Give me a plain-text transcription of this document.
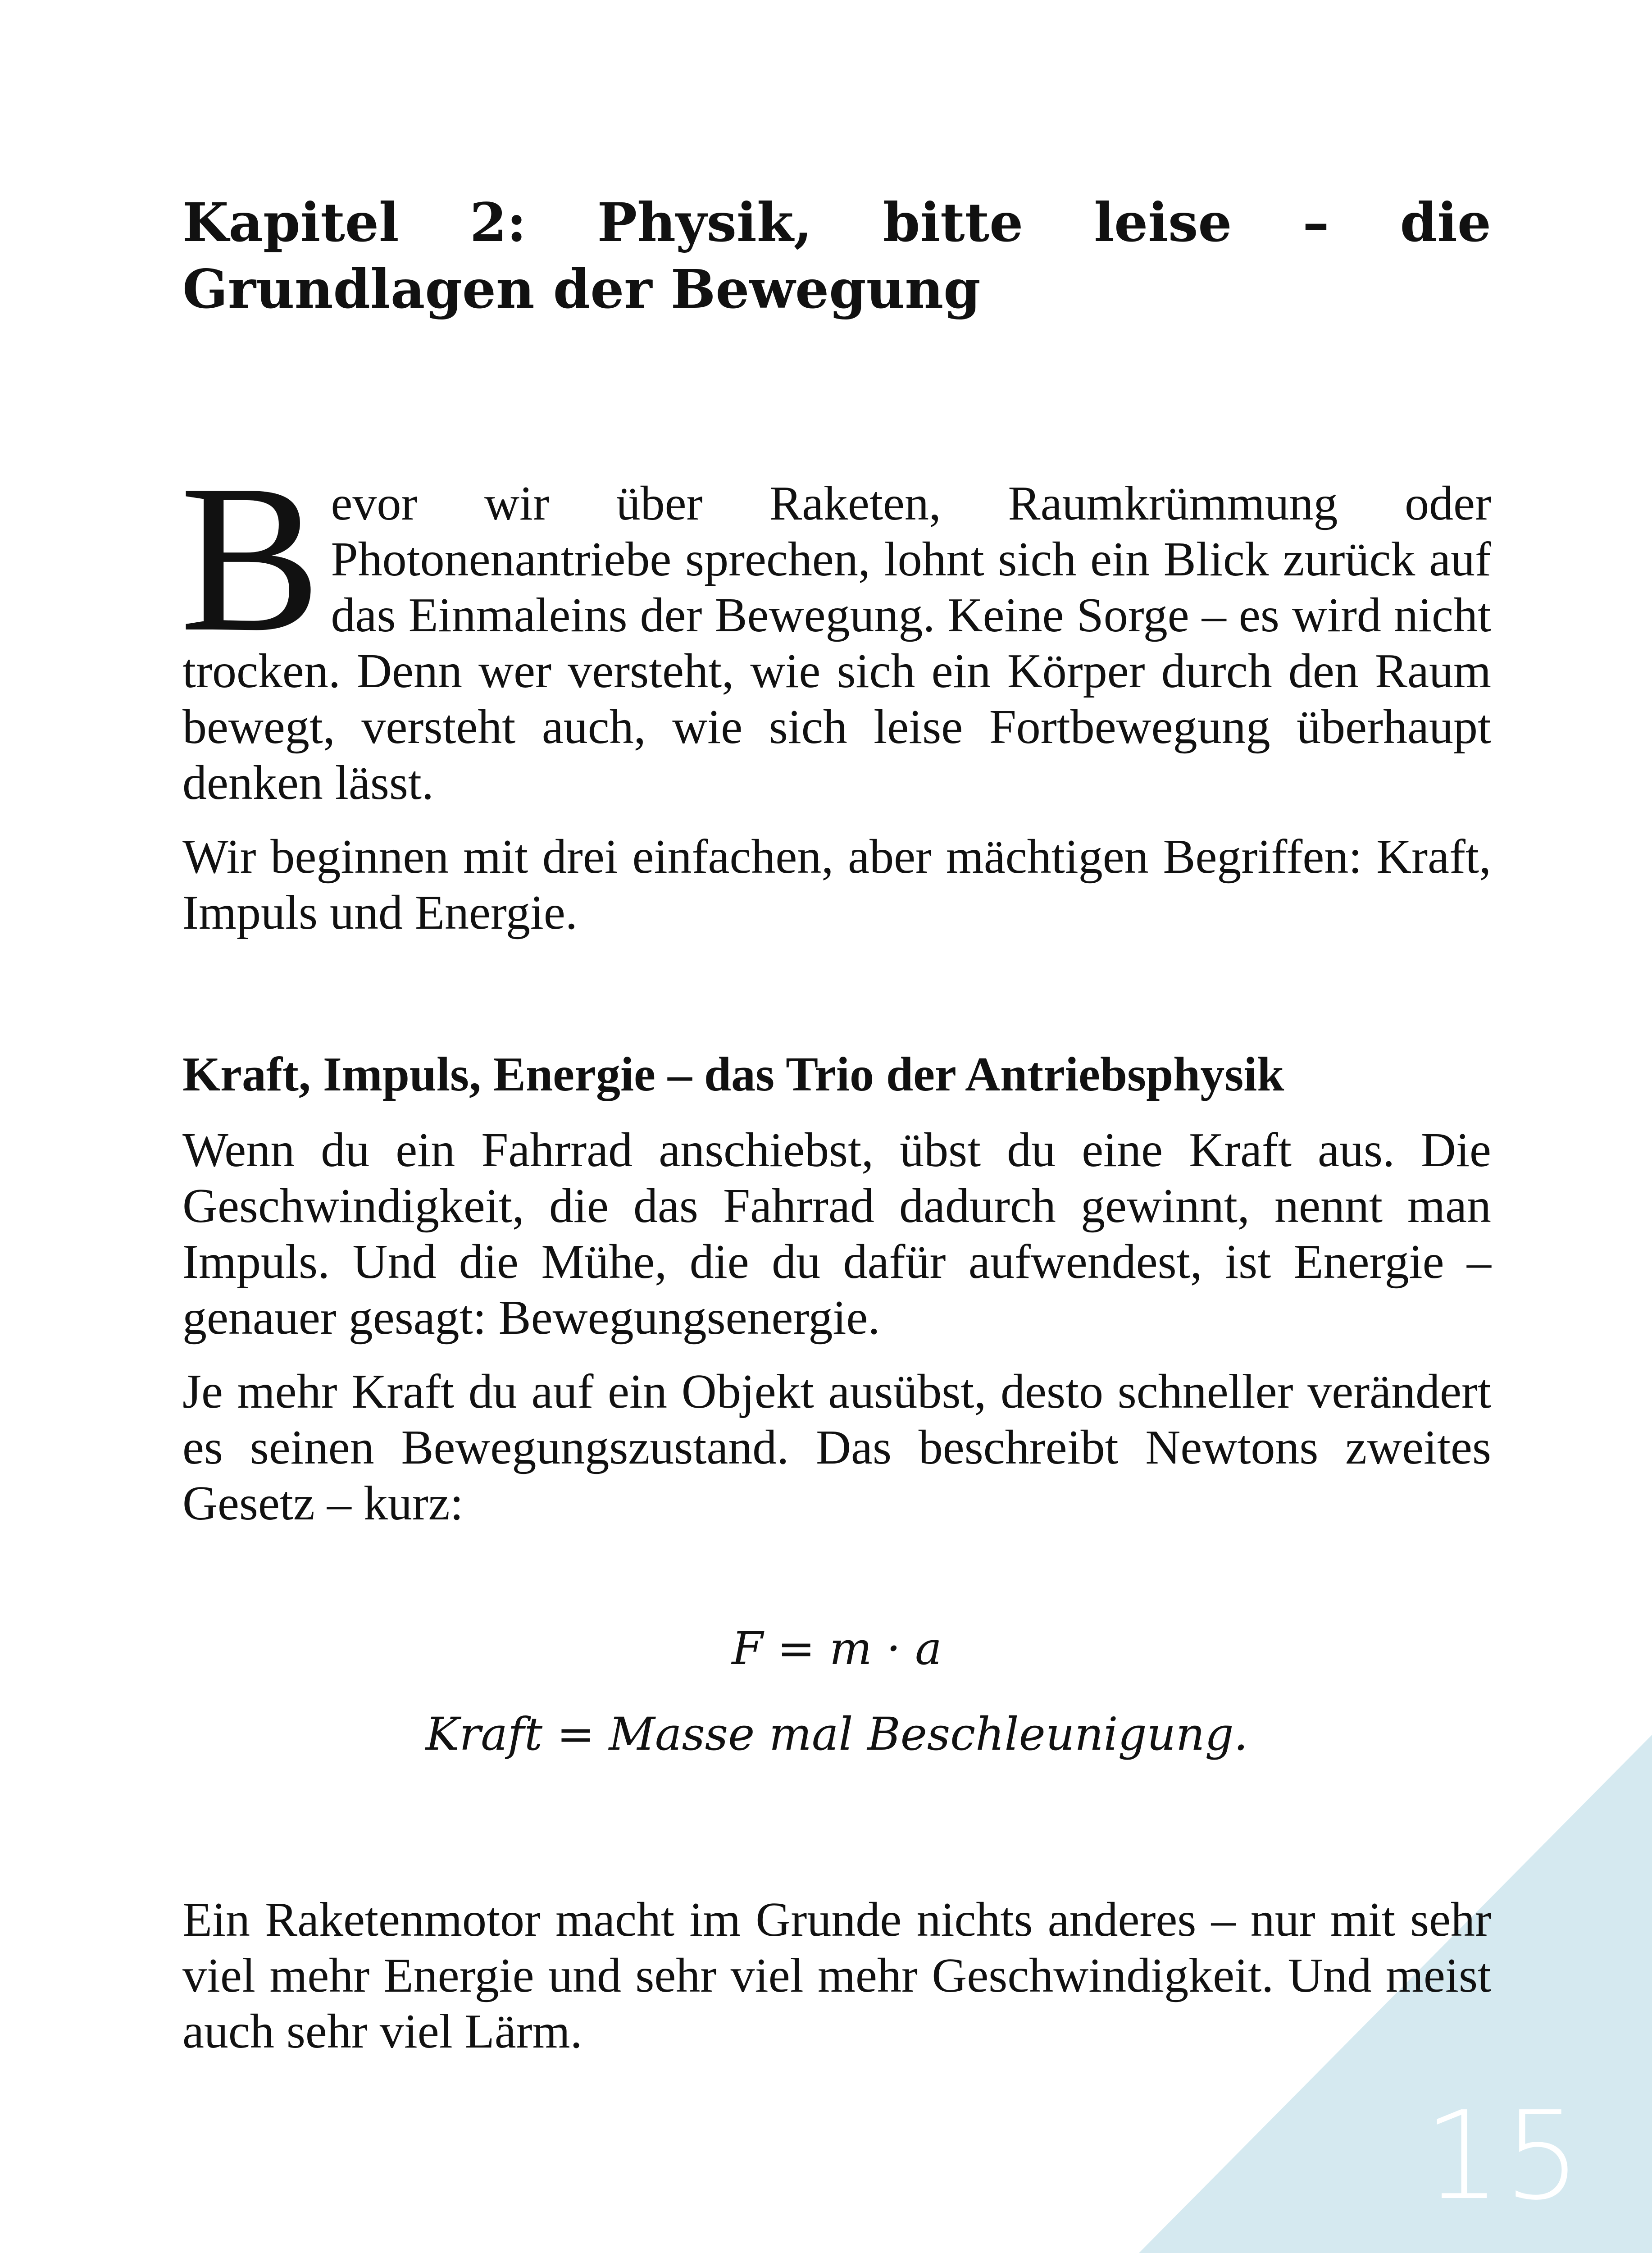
15
Kapitel 2: Physik, bitte leise – die Grundlagen der Bewegung

Bevor wir über Raketen, Raumkrümmung oder Photonenantriebe sprechen, lohnt sich ein Blick zurück auf das Einmaleins der Bewegung. Keine Sorge – es wird nicht trocken. Denn wer versteht, wie sich ein Körper durch den Raum bewegt, versteht auch, wie sich leise Fortbewegung überhaupt denken lässt.

Wir beginnen mit drei einfachen, aber mächtigen Begriffen: Kraft, Impuls und Energie.

Kraft, Impuls, Energie – das Trio der Antriebsphysik

Wenn du ein Fahrrad anschiebst, übst du eine Kraft aus. Die Geschwindigkeit, die das Fahrrad dadurch gewinnt, nennt man Impuls. Und die Mühe, die du dafür aufwendest, ist Energie – genauer gesagt: Bewegungsenergie.

Je mehr Kraft du auf ein Objekt ausübst, desto schneller verändert es seinen Bewegungszustand. Das beschreibt Newtons zweites Gesetz – kurz:

F = m · a
Kraft = Masse mal Beschleunigung.

Ein Raketenmotor macht im Grunde nichts anderes – nur mit sehr viel mehr Energie und sehr viel mehr Geschwindigkeit. Und meist auch sehr viel Lärm.
